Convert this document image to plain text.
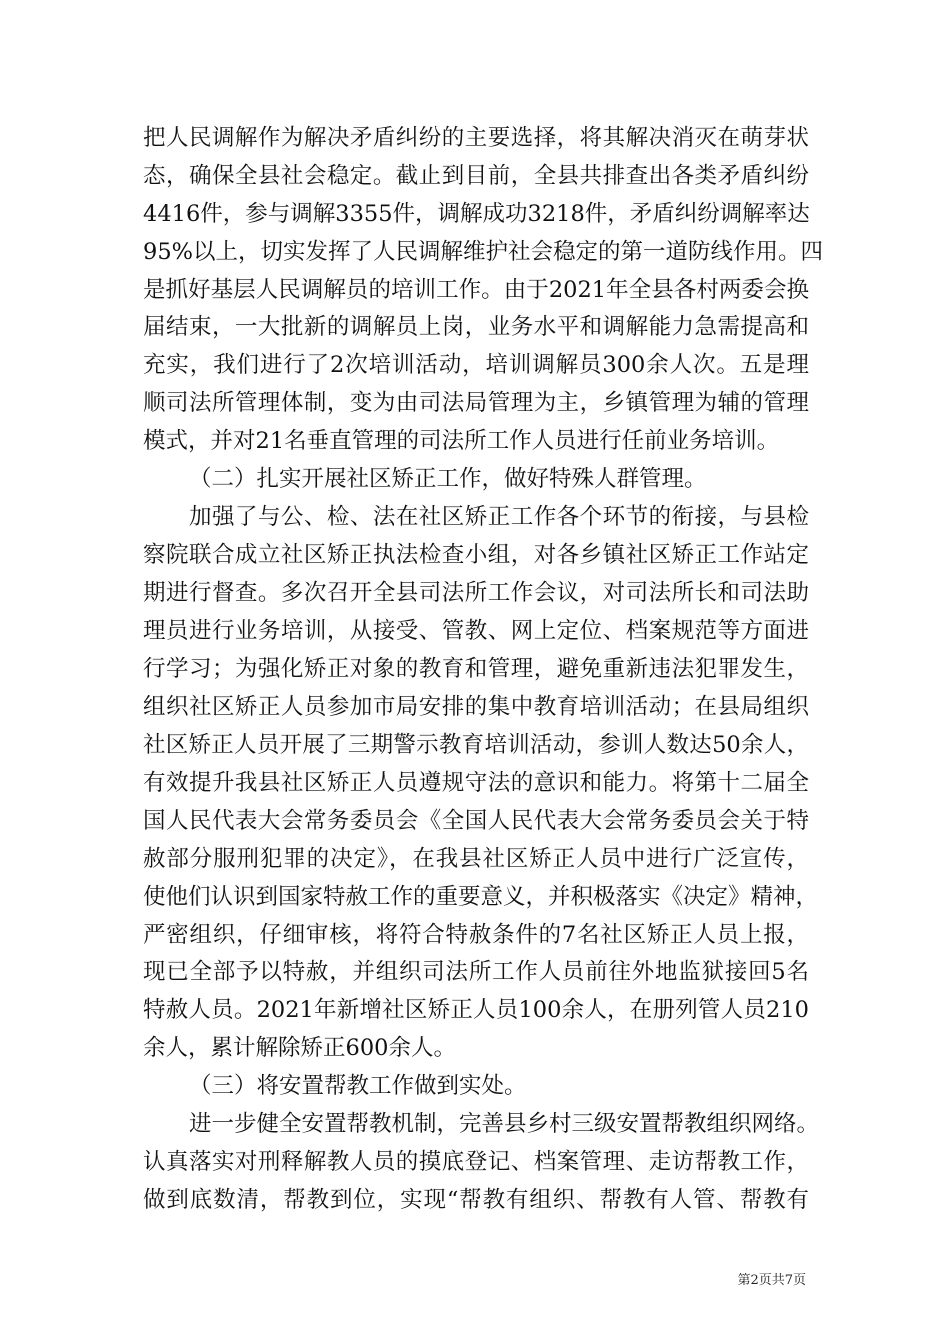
把人民调解作为解决矛盾纠纷的主要选择，将其解决消灭在萌芽状
态，确保全县社会稳定。截止到目前，全县共排查出各类矛盾纠纷
4416件，参与调解3355件，调解成功3218件，矛盾纠纷调解率达
95%以上，切实发挥了人民调解维护社会稳定的第一道防线作用。四
是抓好基层人民调解员的培训工作。由于2021年全县各村两委会换
届结束，一大批新的调解员上岗，业务水平和调解能力急需提高和
充实，我们进行了2次培训活动，培训调解员300余人次。五是理
顺司法所管理体制，变为由司法局管理为主，乡镇管理为辅的管理
模式，并对21名垂直管理的司法所工作人员进行任前业务培训。
（二）扎实开展社区矫正工作，做好特殊人群管理。
加强了与公、检、法在社区矫正工作各个环节的衔接，与县检
察院联合成立社区矫正执法检查小组，对各乡镇社区矫正工作站定
期进行督查。多次召开全县司法所工作会议，对司法所长和司法助
理员进行业务培训，从接受、管教、网上定位、档案规范等方面进
行学习；为强化矫正对象的教育和管理，避免重新违法犯罪发生，
组织社区矫正人员参加市局安排的集中教育培训活动；在县局组织
社区矫正人员开展了三期警示教育培训活动，参训人数达50余人，
有效提升我县社区矫正人员遵规守法的意识和能力。将第十二届全
国人民代表大会常务委员会《全国人民代表大会常务委员会关于特
赦部分服刑犯罪的决定》，在我县社区矫正人员中进行广泛宣传，
使他们认识到国家特赦工作的重要意义，并积极落实《决定》精神，
严密组织，仔细审核，将符合特赦条件的7名社区矫正人员上报，
现已全部予以特赦，并组织司法所工作人员前往外地监狱接回5名
特赦人员。2021年新增社区矫正人员100余人，在册列管人员210
余人，累计解除矫正600余人。
（三）将安置帮教工作做到实处。
进一步健全安置帮教机制，完善县乡村三级安置帮教组织网络。
认真落实对刑释解教人员的摸底登记、档案管理、走访帮教工作，
做到底数清，帮教到位，实现“帮教有组织、帮教有人管、帮教有
第2页共7页
